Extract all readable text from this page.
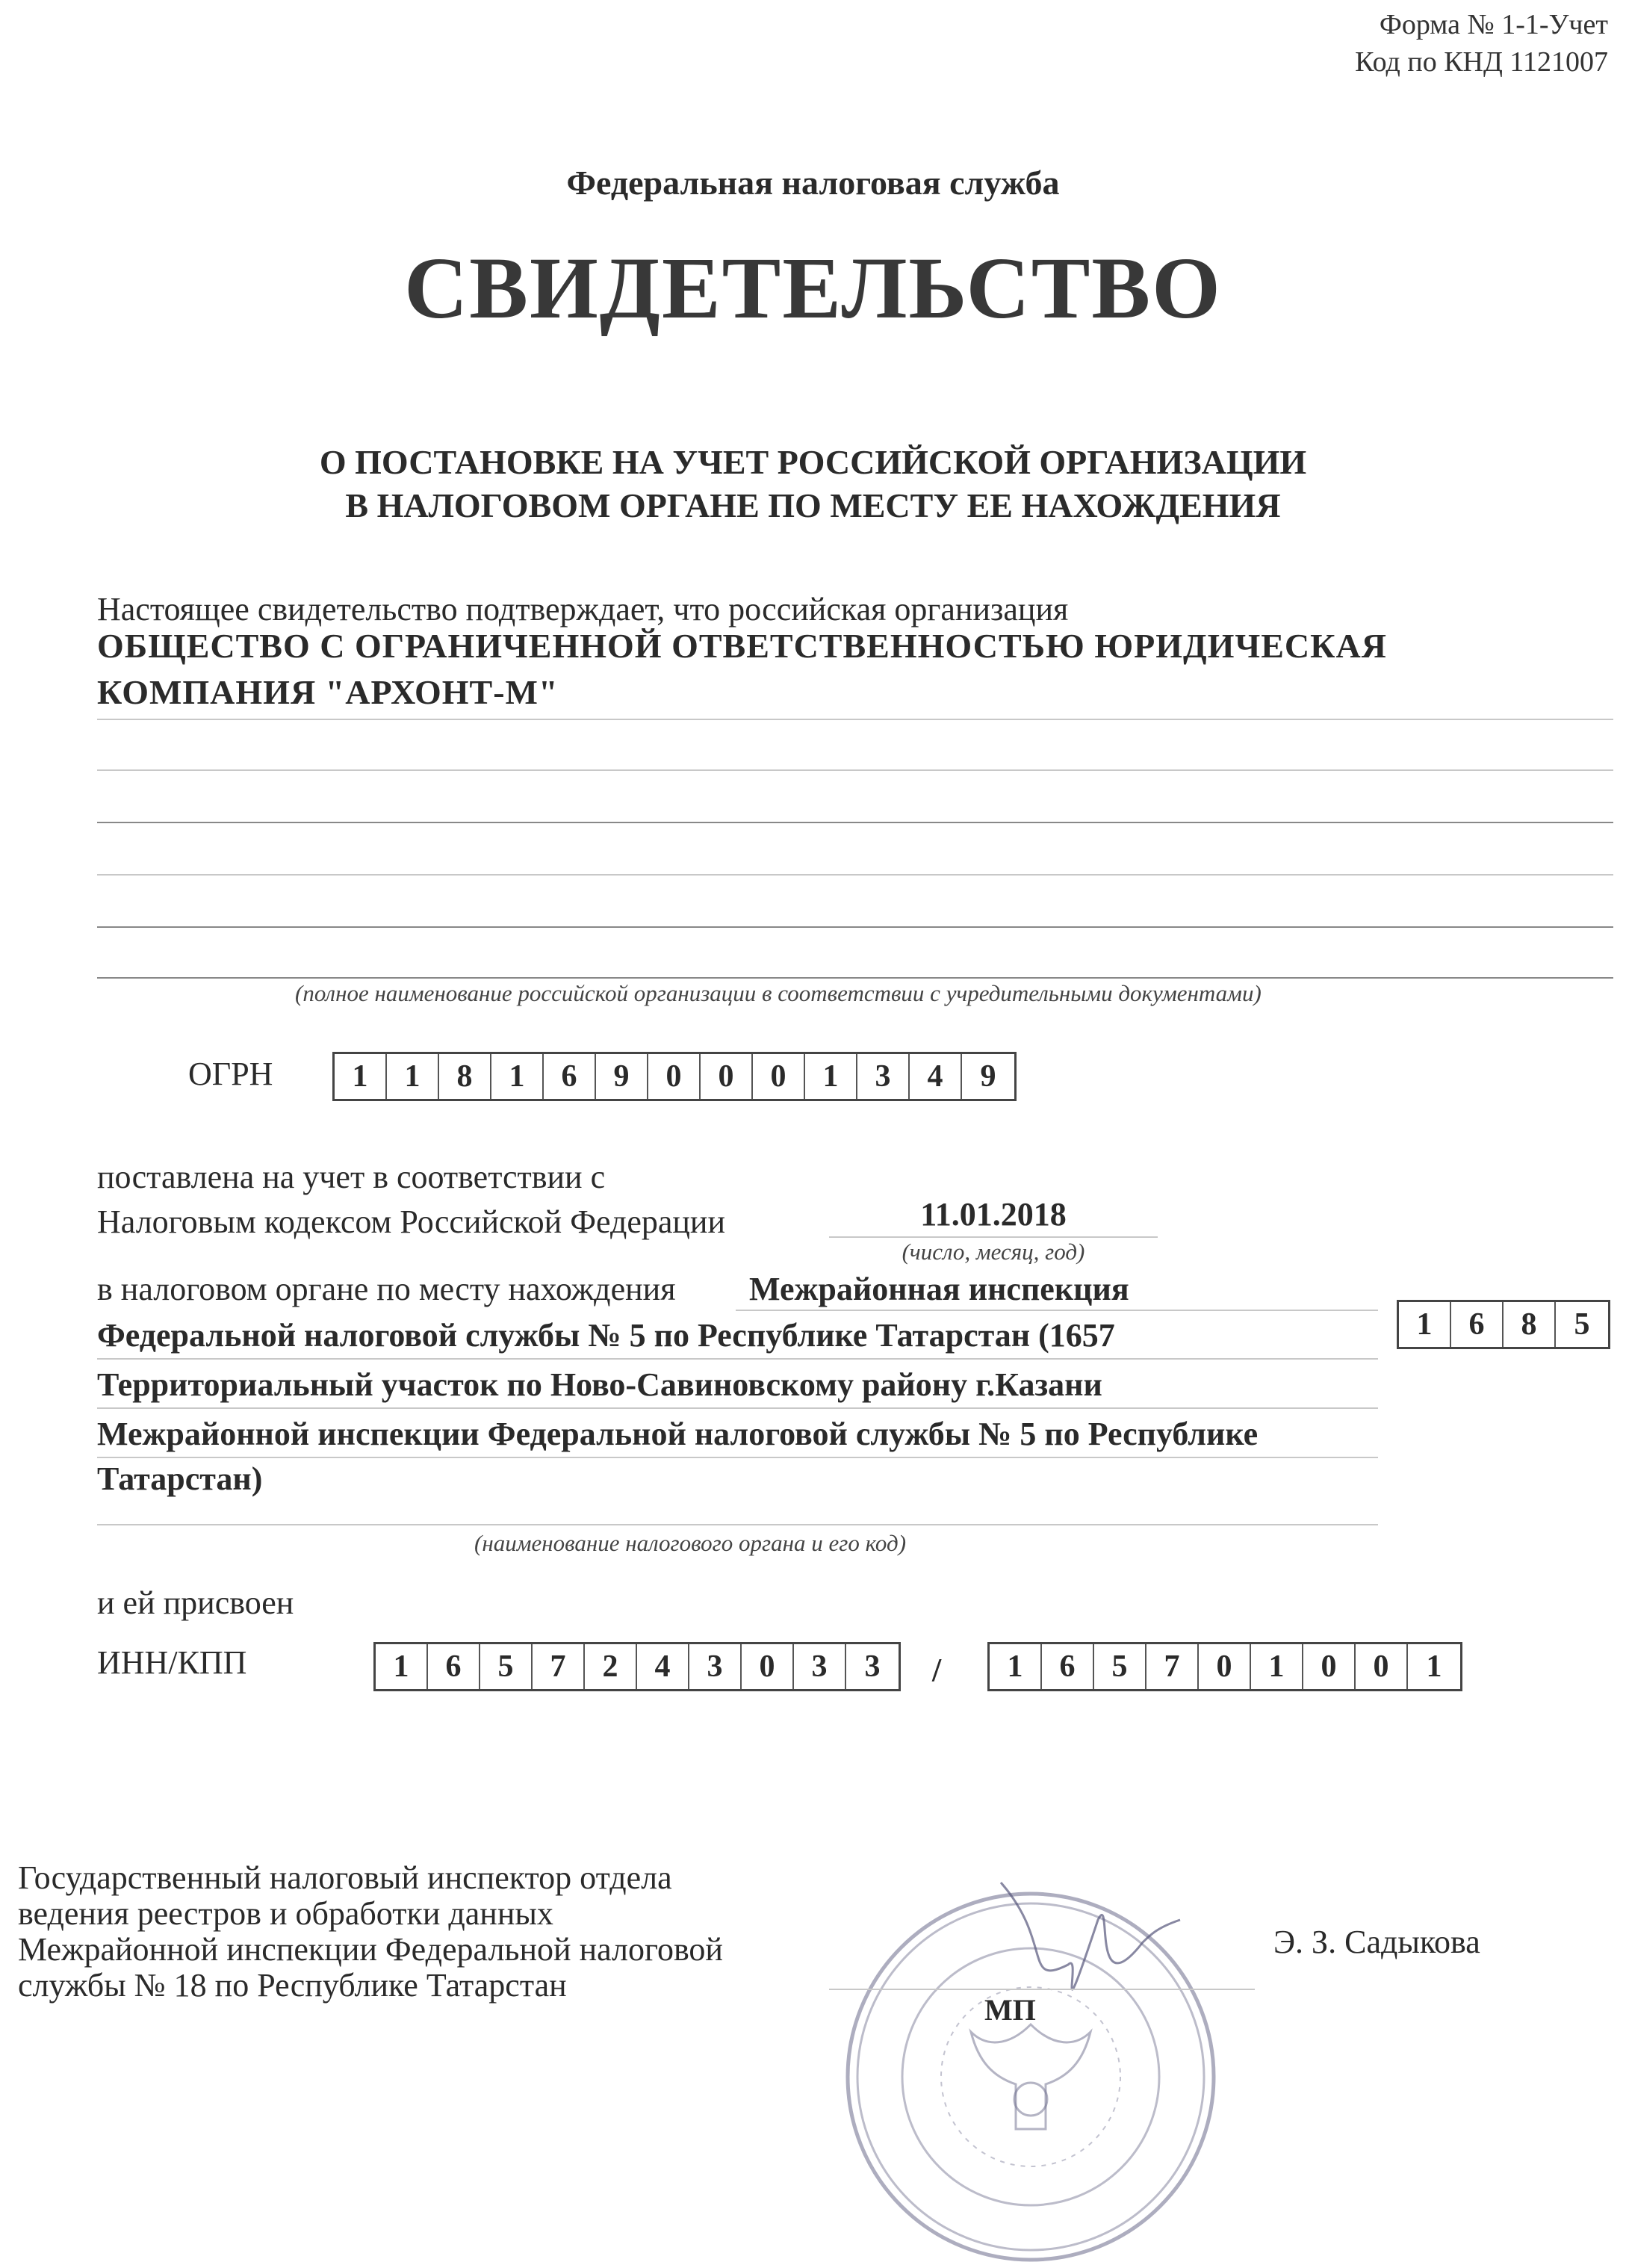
Форма № 1-1-Учет
Код по КНД 1121007
Федеральная налоговая служба
СВИДЕТЕЛЬСТВО
О ПОСТАНОВКЕ НА УЧЕТ РОССИЙСКОЙ ОРГАНИЗАЦИИ
В НАЛОГОВОМ ОРГАНЕ ПО МЕСТУ ЕЕ НАХОЖДЕНИЯ
Настоящее свидетельство подтверждает, что российская организация
ОБЩЕСТВО С ОГРАНИЧЕННОЙ ОТВЕТСТВЕННОСТЬЮ ЮРИДИЧЕСКАЯ
КОМПАНИЯ "АРХОНТ-М"
(полное наименование российской организации в соответствии с учредительными документами)
ОГРН	1	1	8	1	6	9	0	0	0	1	3	4	9
поставлена на учет в соответствии с
Налоговым кодексом Российской Федерации	11.01.2018
(число, месяц, год)
в налоговом органе по месту нахождения Межрайонная инспекция
Федеральной налоговой службы № 5 по Республике Татарстан (1657	1	6	8	5
Территориальный участок по Ново-Савиновскому району г.Казани
Межрайонной инспекции Федеральной налоговой службы № 5 по Республике
Татарстан)
(наименование налогового органа и его код)
и ей присвоен
ИНН/КПП	1	6	5	7	2	4	3	0	3	3	/	1	6	5	7	0	1	0	0	1
Государственный налоговый инспектор отдела
ведения реестров и обработки данных
Межрайонной инспекции Федеральной налоговой
службы № 18 по Республике Татарстан
МП
Э. З. Садыкова
